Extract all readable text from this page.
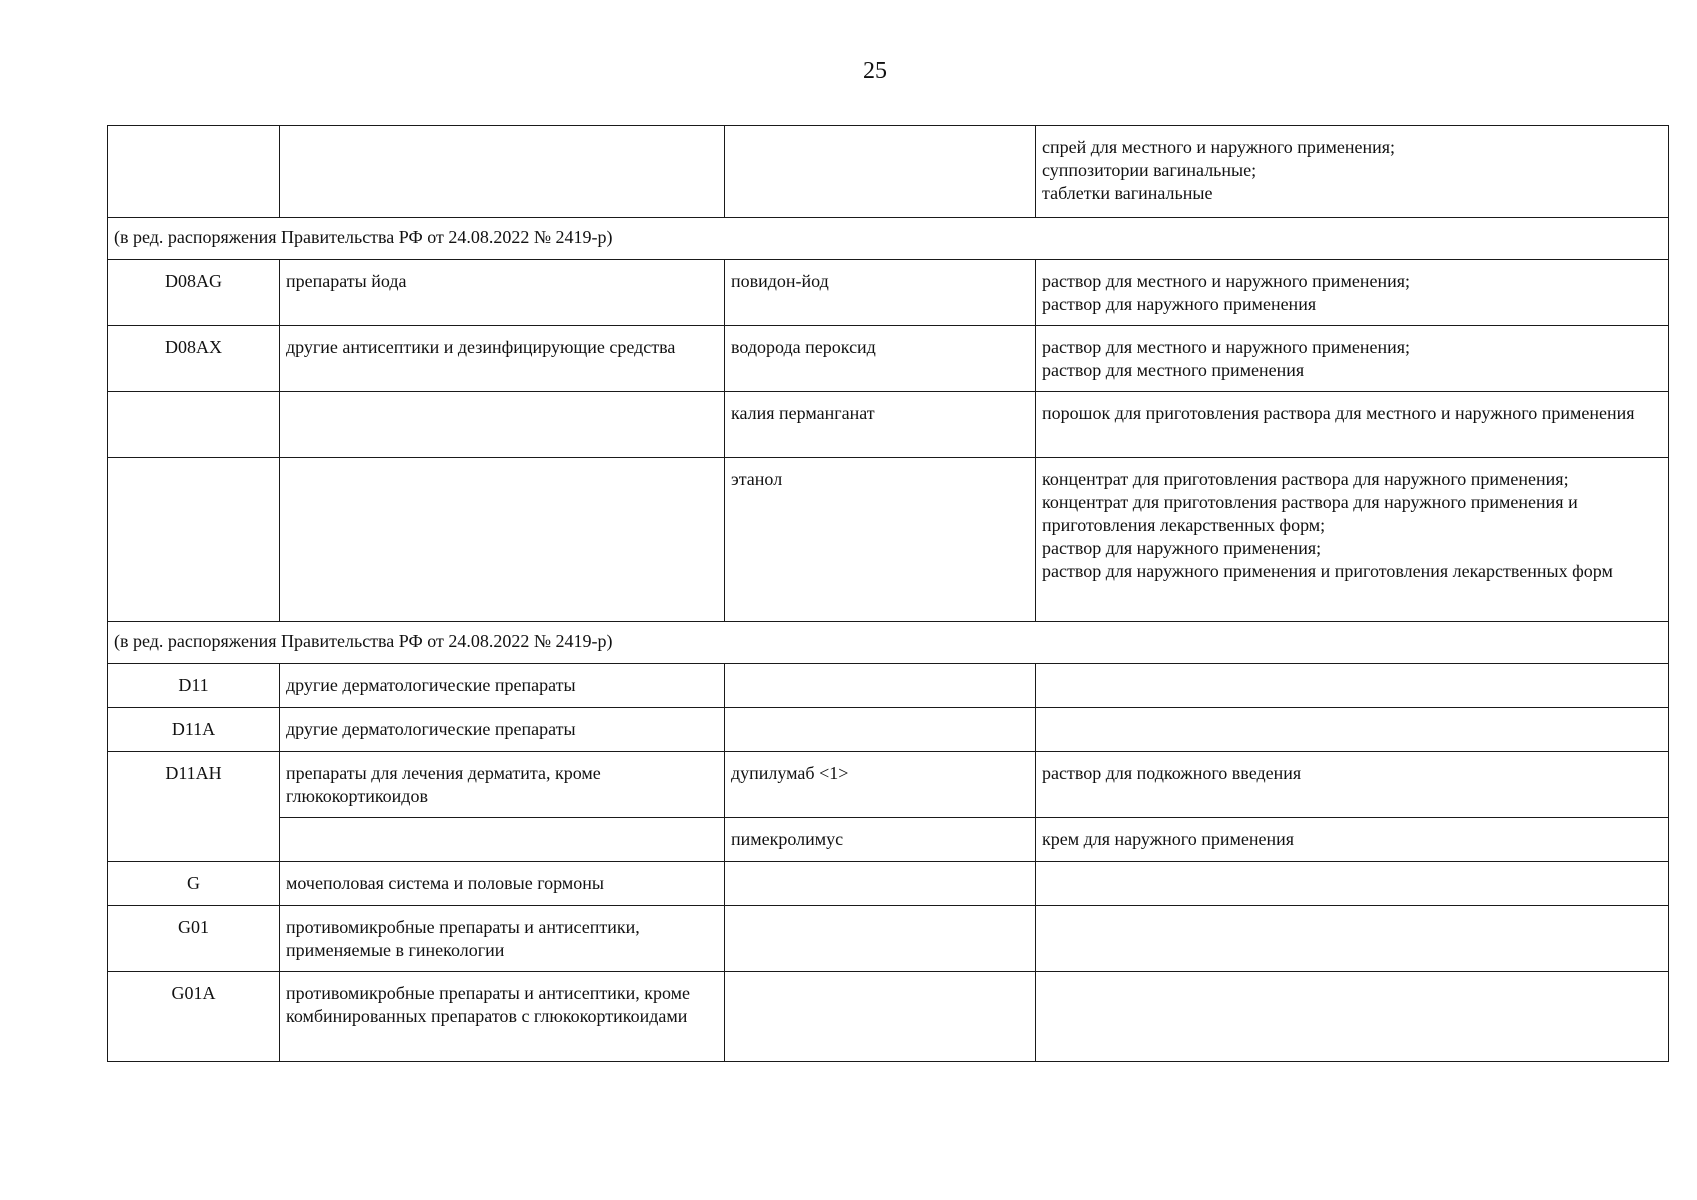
25

			спрей для местного и наружного применения;
суппозитории вагинальные;
таблетки вагинальные

(в ред. распоряжения Правительства РФ от 24.08.2022 № 2419-р)			
D08AG	препараты йода	повидон-йод	раствор для местного и наружного применения;
раствор для наружного применения

D08AX	другие антисептики и дезинфицирующие средства	водорода пероксид	раствор для местного и наружного применения;
раствор для местного применения

		калия перманганат	порошок для приготовления раствора для местного и наружного применения

		этанол	концентрат для приготовления раствора для наружного применения;
концентрат для приготовления раствора для наружного применения и приготовления лекарственных форм;
раствор для наружного применения;
раствор для наружного применения и приготовления лекарственных форм

(в ред. распоряжения Правительства РФ от 24.08.2022 № 2419-р)			
D11	другие дерматологические препараты		
D11A	другие дерматологические препараты		
D11AH	препараты для лечения дерматита, кроме глюкокортикоидов	дупилумаб <1>	раствор для подкожного введения

		пимекролимус	крем для наружного применения

G	мочеполовая система и половые гормоны		
G01	противомикробные препараты и антисептики, применяемые в гинекологии		
G01A	противомикробные препараты и антисептики, кроме комбинированных препаратов с глюкокортикоидами		
